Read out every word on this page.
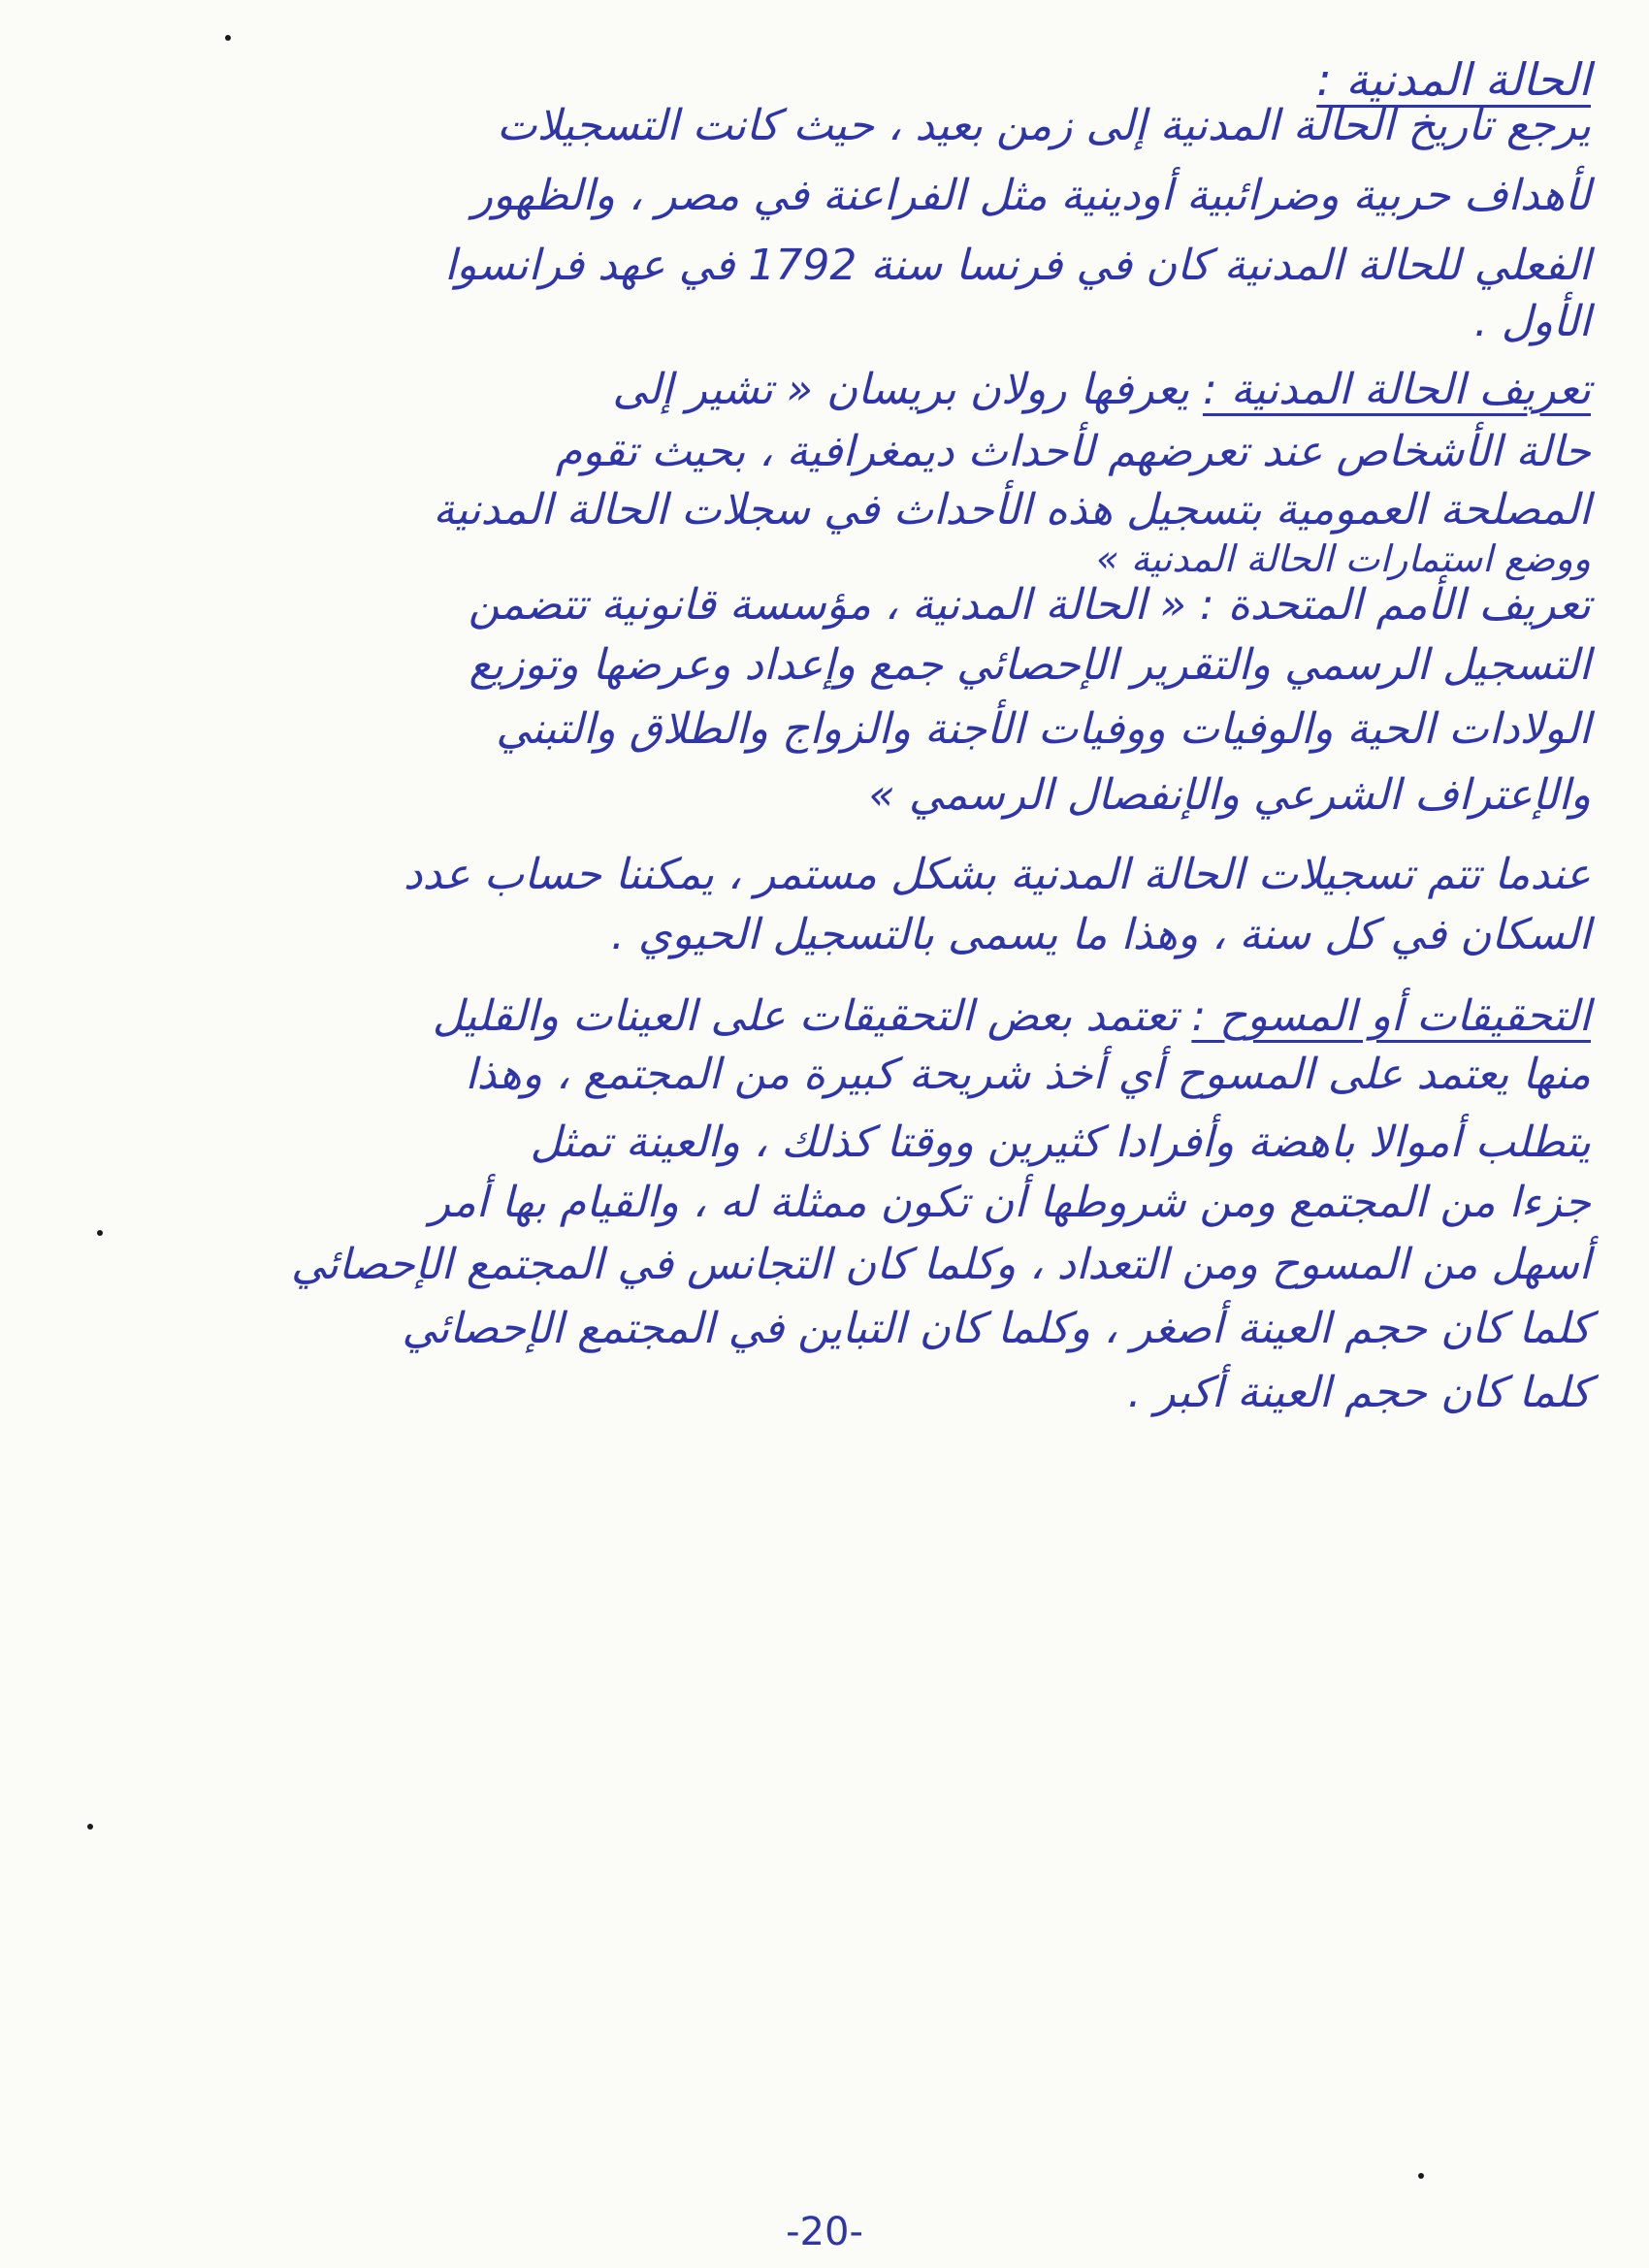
الحالة المدنية :
يرجع تاريخ الحالة المدنية إلى زمن بعيد ، حيث كانت التسجيلات
لأهداف حربية وضرائبية أودينية مثل الفراعنة في مصر ، والظهور
الفعلي للحالة المدنية كان في فرنسا سنة 1792 في عهد فرانسوا
الأول .
تعريف الحالة المدنية : يعرفها رولان بريسان « تشير إلى
حالة الأشخاص عند تعرضهم لأحداث ديمغرافية ، بحيث تقوم
المصلحة العمومية بتسجيل هذه الأحداث في سجلات الحالة المدنية
ووضع استمارات الحالة المدنية »
تعريف الأمم المتحدة : « الحالة المدنية ، مؤسسة قانونية تتضمن
التسجيل الرسمي والتقرير الإحصائي جمع وإعداد وعرضها وتوزيع
الولادات الحية والوفيات ووفيات الأجنة والزواج والطلاق والتبني
والإعتراف الشرعي والإنفصال الرسمي »
عندما تتم تسجيلات الحالة المدنية بشكل مستمر ، يمكننا حساب عدد
السكان في كل سنة ، وهذا ما يسمى بالتسجيل الحيوي .
التحقيقات أو المسوح : تعتمد بعض التحقيقات على العينات والقليل
منها يعتمد على المسوح أي أخذ شريحة كبيرة من المجتمع ، وهذا
يتطلب أموالا باهضة وأفرادا كثيرين ووقتا كذلك ، والعينة تمثل
جزءا من المجتمع ومن شروطها أن تكون ممثلة له ، والقيام بها أمر
أسهل من المسوح ومن التعداد ، وكلما كان التجانس في المجتمع الإحصائي
كلما كان حجم العينة أصغر ، وكلما كان التباين في المجتمع الإحصائي
كلما كان حجم العينة أكبر .
-20-
